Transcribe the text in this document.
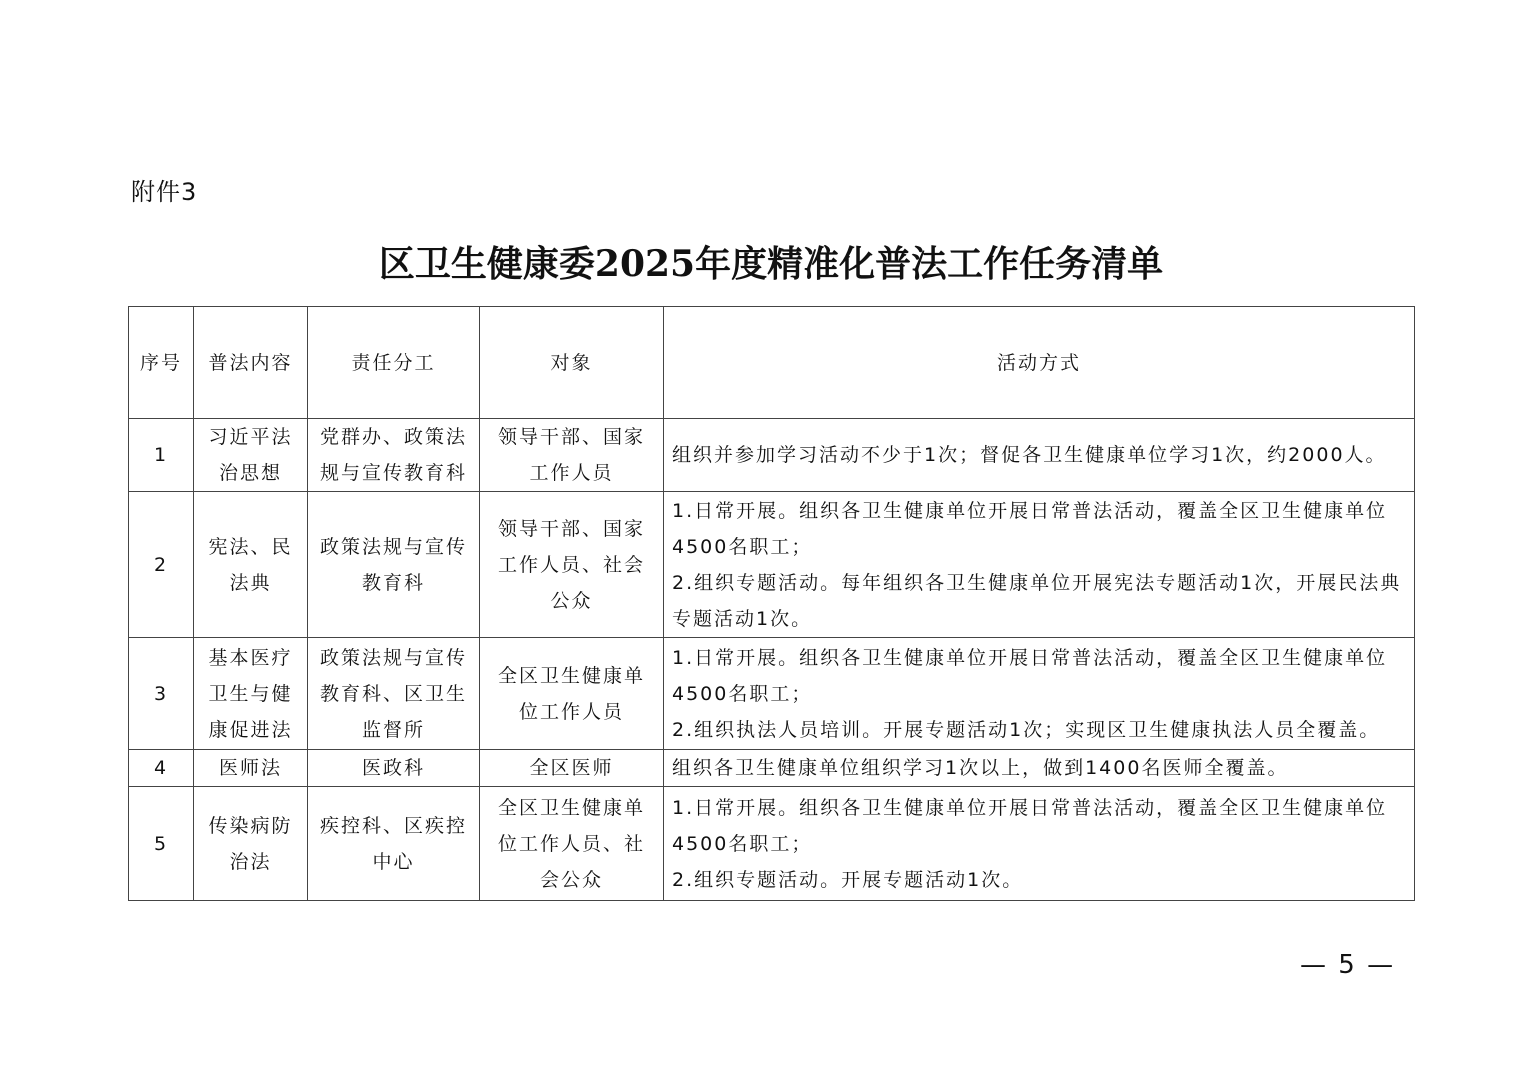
附件3
区卫生健康委2025年度精准化普法工作任务清单
序号	普法内容	责任分工	对象	活动方式
1	习近平法治思想	党群办、政策法规与宣传教育科	领导干部、国家工作人员	组织并参加学习活动不少于1次；督促各卫生健康单位学习1次，约2000人。

2	宪法、民法典	政策法规与宣传教育科	领导干部、国家工作人员、社会公众	1.日常开展。组织各卫生健康单位开展日常普法活动，覆盖全区卫生健康单位4500名职工；
2.组织专题活动。每年组织各卫生健康单位开展宪法专题活动1次，开展民法典专题活动1次。

3	基本医疗卫生与健康促进法	政策法规与宣传教育科、区卫生监督所	全区卫生健康单位工作人员	1.日常开展。组织各卫生健康单位开展日常普法活动，覆盖全区卫生健康单位4500名职工；
2.组织执法人员培训。开展专题活动1次；实现区卫生健康执法人员全覆盖。

4	医师法	医政科	全区医师	组织各卫生健康单位组织学习1次以上，做到1400名医师全覆盖。

5	传染病防治法	疾控科、区疾控中心	全区卫生健康单位工作人员、社会公众	1.日常开展。组织各卫生健康单位开展日常普法活动，覆盖全区卫生健康单位4500名职工；
2.组织专题活动。开展专题活动1次。
— 5 —
